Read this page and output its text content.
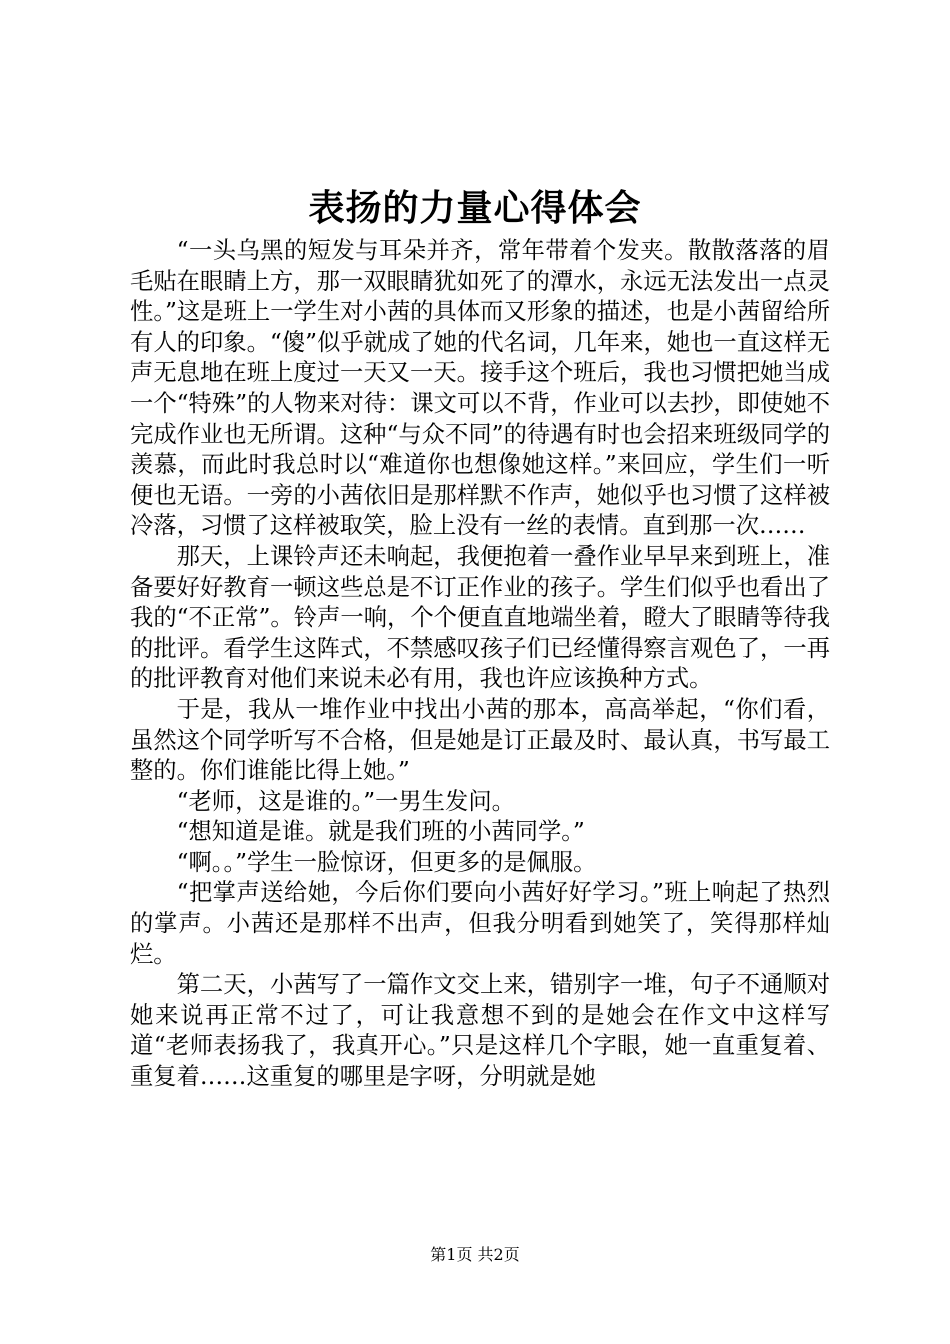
表扬的力量心得体会

“一头乌黑的短发与耳朵并齐，常年带着个发夹。散散落落的眉毛贴在眼睛上方，那一双眼睛犹如死了的潭水，永远无法发出一点灵性。”这是班上一学生对小茜的具体而又形象的描述，也是小茜留给所有人的印象。“傻”似乎就成了她的代名词，几年来，她也一直这样无声无息地在班上度过一天又一天。接手这个班后，我也习惯把她当成一个“特殊”的人物来对待：课文可以不背，作业可以去抄，即使她不完成作业也无所谓。这种“与众不同”的待遇有时也会招来班级同学的羡慕，而此时我总时以“难道你也想像她这样。”来回应，学生们一听便也无语。一旁的小茜依旧是那样默不作声，她似乎也习惯了这样被冷落，习惯了这样被取笑，脸上没有一丝的表情。直到那一次……

那天，上课铃声还未响起，我便抱着一叠作业早早来到班上，准备要好好教育一顿这些总是不订正作业的孩子。学生们似乎也看出了我的“不正常”。铃声一响，个个便直直地端坐着，瞪大了眼睛等待我的批评。看学生这阵式，不禁感叹孩子们已经懂得察言观色了，一再的批评教育对他们来说未必有用，我也许应该换种方式。

于是，我从一堆作业中找出小茜的那本，高高举起，“你们看，虽然这个同学听写不合格，但是她是订正最及时、最认真，书写最工整的。你们谁能比得上她。”

“老师，这是谁的。”一男生发问。

“想知道是谁。就是我们班的小茜同学。”

“啊。。”学生一脸惊讶，但更多的是佩服。

“把掌声送给她，今后你们要向小茜好好学习。”班上响起了热烈的掌声。小茜还是那样不出声，但我分明看到她笑了，笑得那样灿烂。

第二天，小茜写了一篇作文交上来，错别字一堆，句子不通顺对她来说再正常不过了，可让我意想不到的是她会在作文中这样写道“老师表扬我了，我真开心。”只是这样几个字眼，她一直重复着、重复着……这重复的哪里是字呀，分明就是她

第1页 共2页
